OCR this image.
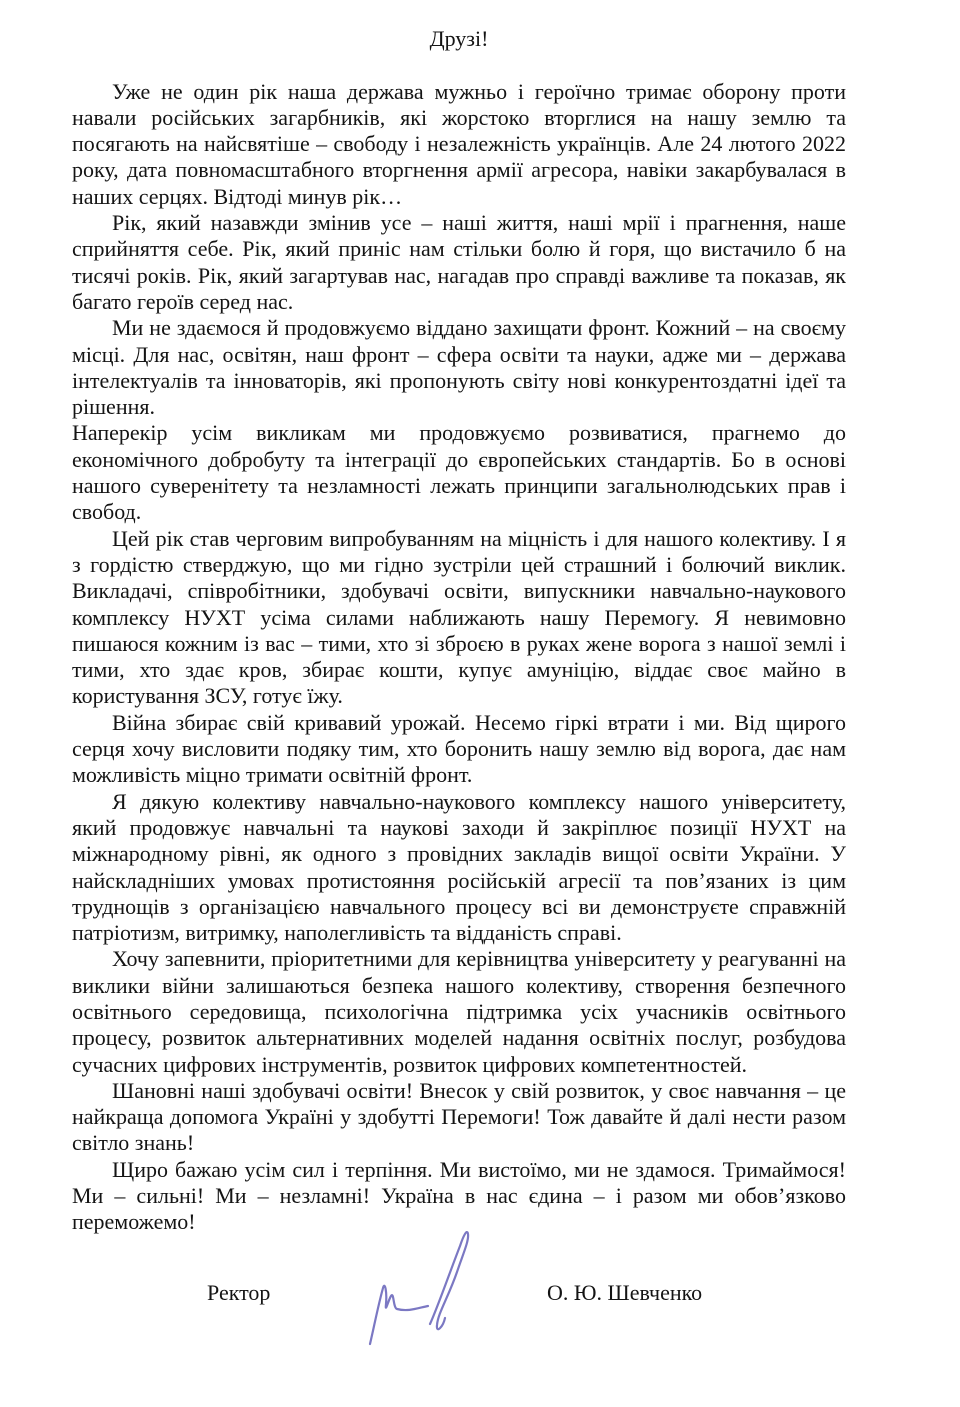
Друзі!

Уже не один рік наша держава мужньо і героїчно тримає оборону проти навали російських загарбників, які жорстоко вторглися на нашу землю та посягають на найсвятіше – свободу і незалежність українців. Але 24 лютого 2022 року, дата повномасштабного вторгнення армії агресора, навіки закарбувалася в наших серцях. Відтоді минув рік…

Рік, який назавжди змінив усе – наші життя, наші мрії і прагнення, наше сприйняття себе. Рік, який приніс нам стільки болю й горя, що вистачило б на тисячі років. Рік, який загартував нас, нагадав про справді важливе та показав, як багато героїв серед нас.

Ми не здаємося й продовжуємо віддано захищати фронт. Кожний – на своєму місці. Для нас, освітян, наш фронт – сфера освіти та науки, адже ми – держава інтелектуалів та інноваторів, які пропонують світу нові конкурентоздатні ідеї та рішення.

Наперекір усім викликам ми продовжуємо розвиватися, прагнемо до економічного добробуту та інтеграції до європейських стандартів. Бо в основі нашого суверенітету та незламності лежать принципи загальнолюдських прав і свобод.

Цей рік став черговим випробуванням на міцність і для нашого колективу. І я з гордістю стверджую, що ми гідно зустріли цей страшний і болючий виклик. Викладачі, співробітники, здобувачі освіти, випускники навчально-наукового комплексу НУХТ усіма силами наближають нашу Перемогу. Я невимовно пишаюся кожним із вас – тими, хто зі зброєю в руках жене ворога з нашої землі і тими, хто здає кров, збирає кошти, купує амуніцію, віддає своє майно в користування ЗСУ, готує їжу.

Війна збирає свій кривавий урожай. Несемо гіркі втрати і ми. Від щирого серця хочу висловити подяку тим, хто боронить нашу землю від ворога, дає нам можливість міцно тримати освітній фронт.

Я дякую колективу навчально-наукового комплексу нашого університету, який продовжує навчальні та наукові заходи й закріплює позиції НУХТ на міжнародному рівні, як одного з провідних закладів вищої освіти України. У найскладніших умовах протистояння російській агресії та пов’язаних із цим труднощів з організацією навчального процесу всі ви демонструєте справжній патріотизм, витримку, наполегливість та відданість справі.

Хочу запевнити, пріоритетними для керівництва університету у реагуванні на виклики війни залишаються безпека нашого колективу, створення безпечного освітнього середовища, психологічна підтримка усіх учасників освітнього процесу, розвиток альтернативних моделей надання освітніх послуг, розбудова сучасних цифрових інструментів, розвиток цифрових компетентностей.

Шановні наші здобувачі освіти! Внесок у свій розвиток, у своє навчання – це найкраща допомога Україні у здобутті Перемоги! Тож давайте й далі нести разом світло знань!

Щиро бажаю усім сил і терпіння. Ми вистоїмо, ми не здамося. Тримаймося! Ми – сильні! Ми – незламні! Україна в нас єдина – і разом ми обов’язково переможемо!

Ректор	О. Ю. Шевченко
